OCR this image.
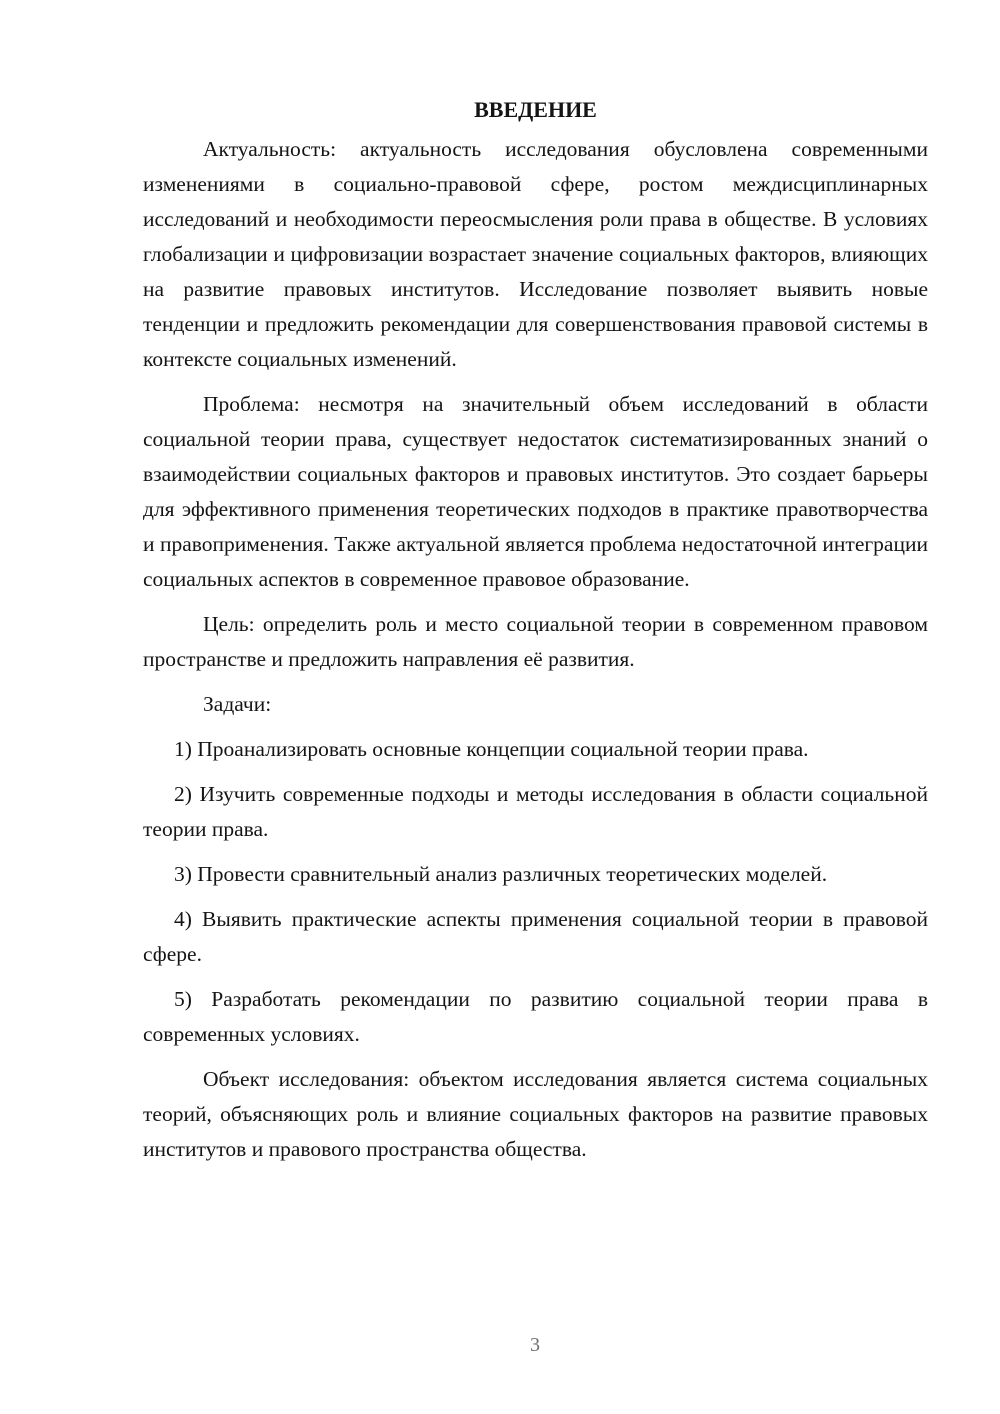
ВВЕДЕНИЕ

Актуальность: актуальность исследования обусловлена современными изменениями в социально-правовой сфере, ростом междисциплинарных исследований и необходимости переосмысления роли права в обществе. В условиях глобализации и цифровизации возрастает значение социальных факторов, влияющих на развитие правовых институтов. Исследование позволяет выявить новые тенденции и предложить рекомендации для совершенствования правовой системы в контексте социальных изменений.

Проблема: несмотря на значительный объем исследований в области социальной теории права, существует недостаток систематизированных знаний о взаимодействии социальных факторов и правовых институтов. Это создает барьеры для эффективного применения теоретических подходов в практике правотворчества и правоприменения. Также актуальной является проблема недостаточной интеграции социальных аспектов в современное правовое образование.

Цель: определить роль и место социальной теории в современном правовом пространстве и предложить направления её развития.

Задачи:

1) Проанализировать основные концепции социальной теории права.

2) Изучить современные подходы и методы исследования в области социальной теории права.

3) Провести сравнительный анализ различных теоретических моделей.

4) Выявить практические аспекты применения социальной теории в правовой сфере.

5) Разработать рекомендации по развитию социальной теории права в современных условиях.

Объект исследования: объектом исследования является система социальных теорий, объясняющих роль и влияние социальных факторов на развитие правовых институтов и правового пространства общества.

3
